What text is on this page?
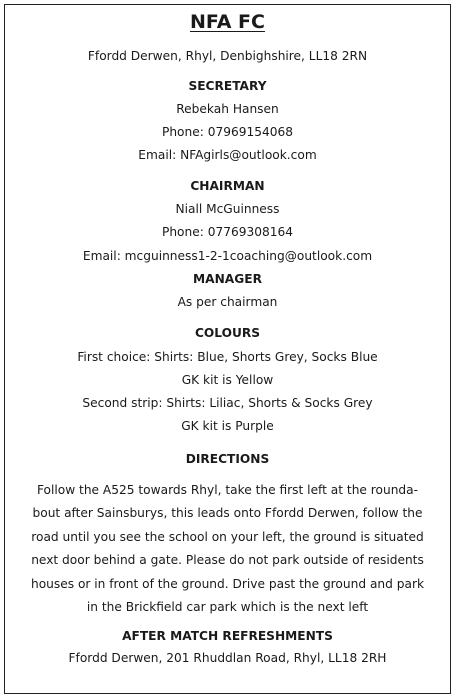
NFA FC
Ffordd Derwen, Rhyl, Denbighshire, LL18 2RN
SECRETARY
Rebekah Hansen
Phone: 07969154068
Email: NFAgirls@outlook.com
CHAIRMAN
Niall McGuinness
Phone: 07769308164
Email: mcguinness1-2-1coaching@outlook.com
MANAGER
As per chairman
COLOURS
First choice: Shirts: Blue, Shorts Grey, Socks Blue
GK kit is Yellow
Second strip: Shirts: Liliac, Shorts & Socks Grey
GK kit is Purple
DIRECTIONS
Follow the A525 towards Rhyl, take the first left at the rounda-
bout after Sainsburys, this leads onto Ffordd Derwen, follow the
road until you see the school on your left, the ground is situated
next door behind a gate. Please do not park outside of residents
houses or in front of the ground. Drive past the ground and park
in the Brickfield car park which is the next left
AFTER MATCH REFRESHMENTS
Ffordd Derwen, 201 Rhuddlan Road, Rhyl, LL18 2RH
